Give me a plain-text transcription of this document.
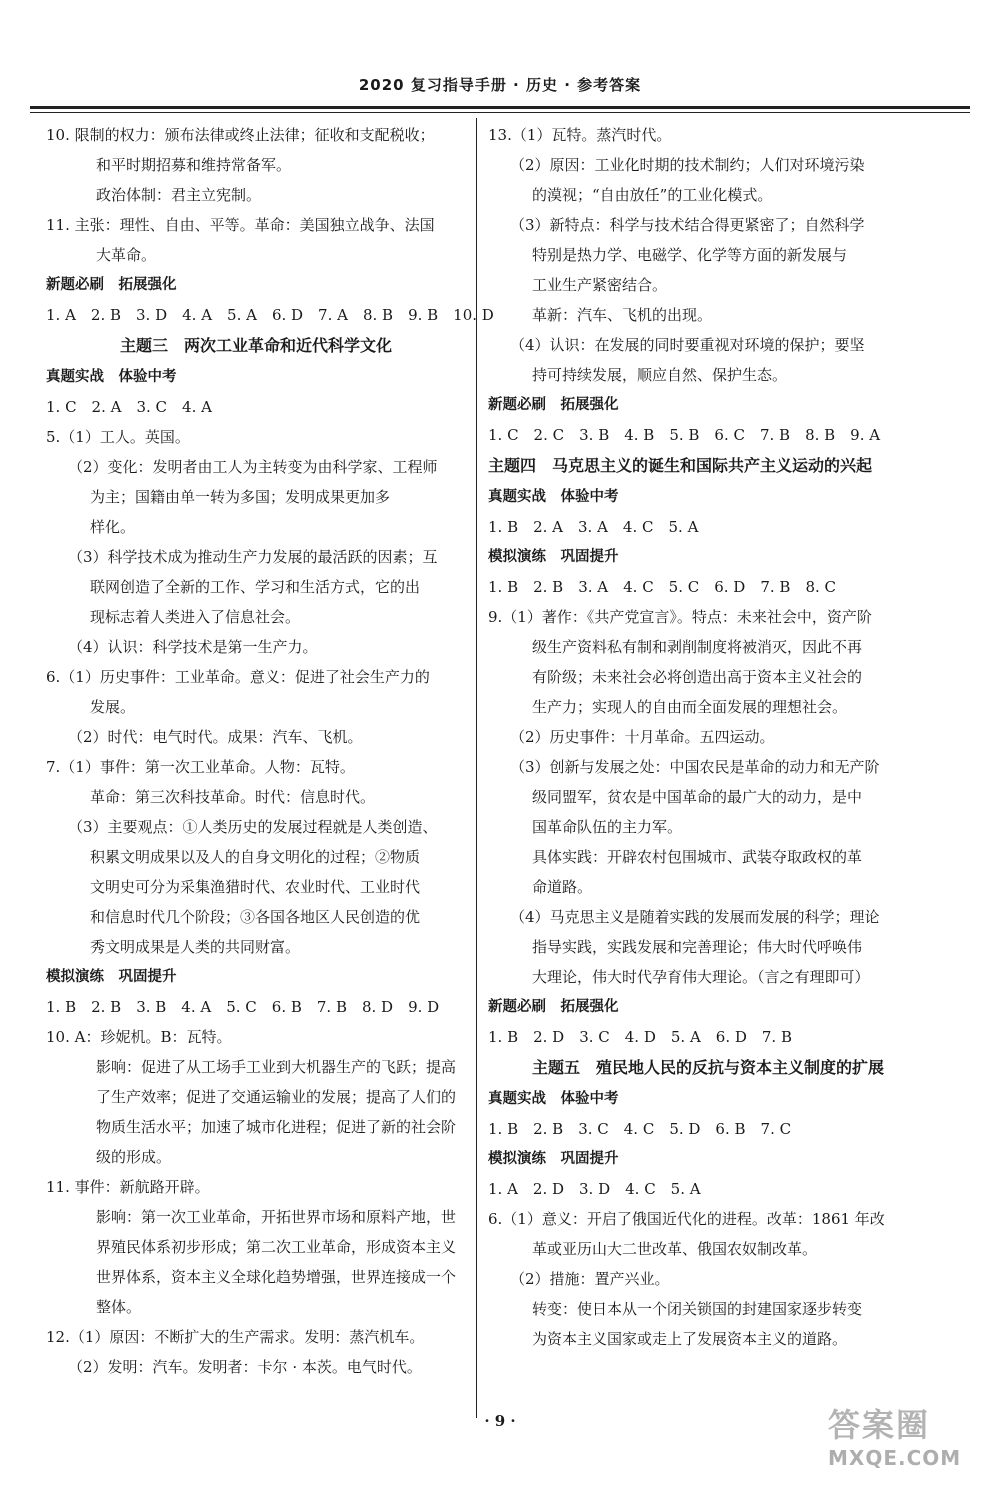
2020 复习指导手册 · 历史 · 参考答案
10. 限制的权力：颁布法律或终止法律；征收和支配税收；
和平时期招募和维持常备军。
政治体制：君主立宪制。
11. 主张：理性、自由、平等。革命：美国独立战争、法国
大革命。
新题必刷　拓展强化
1. A　2. B　3. D　4. A　5. A　6. D　7. A　8. B　9. B　10. D
主题三　两次工业革命和近代科学文化
真题实战　体验中考
1. C　2. A　3. C　4. A
5.（1）工人。英国。
（2）变化：发明者由工人为主转变为由科学家、工程师
为主；国籍由单一转为多国；发明成果更加多
样化。
（3）科学技术成为推动生产力发展的最活跃的因素；互
联网创造了全新的工作、学习和生活方式，它的出
现标志着人类进入了信息社会。
（4）认识：科学技术是第一生产力。
6.（1）历史事件：工业革命。意义：促进了社会生产力的
发展。
（2）时代：电气时代。成果：汽车、飞机。
7.（1）事件：第一次工业革命。人物：瓦特。
革命：第三次科技革命。时代：信息时代。
（3）主要观点：①人类历史的发展过程就是人类创造、
积累文明成果以及人的自身文明化的过程；②物质
文明史可分为采集渔猎时代、农业时代、工业时代
和信息时代几个阶段；③各国各地区人民创造的优
秀文明成果是人类的共同财富。
模拟演练　巩固提升
1. B　2. B　3. B　4. A　5. C　6. B　7. B　8. D　9. D
10. A：珍妮机。B：瓦特。
影响：促进了从工场手工业到大机器生产的飞跃；提高
了生产效率；促进了交通运输业的发展；提高了人们的
物质生活水平；加速了城市化进程；促进了新的社会阶
级的形成。
11. 事件：新航路开辟。
影响：第一次工业革命，开拓世界市场和原料产地，世
界殖民体系初步形成；第二次工业革命，形成资本主义
世界体系，资本主义全球化趋势增强，世界连接成一个
整体。
12.（1）原因：不断扩大的生产需求。发明：蒸汽机车。
（2）发明：汽车。发明者：卡尔 · 本茨。电气时代。
13.（1）瓦特。蒸汽时代。
（2）原因：工业化时期的技术制约；人们对环境污染
的漠视；“自由放任”的工业化模式。
（3）新特点：科学与技术结合得更紧密了；自然科学
特别是热力学、电磁学、化学等方面的新发展与
工业生产紧密结合。
革新：汽车、飞机的出现。
（4）认识：在发展的同时要重视对环境的保护；要坚
持可持续发展，顺应自然、保护生态。
新题必刷　拓展强化
1. C　2. C　3. B　4. B　5. B　6. C　7. B　8. B　9. A
主题四　马克思主义的诞生和国际共产主义运动的兴起
真题实战　体验中考
1. B　2. A　3. A　4. C　5. A
模拟演练　巩固提升
1. B　2. B　3. A　4. C　5. C　6. D　7. B　8. C
9.（1）著作：《共产党宣言》。特点：未来社会中，资产阶
级生产资料私有制和剥削制度将被消灭，因此不再
有阶级；未来社会必将创造出高于资本主义社会的
生产力；实现人的自由而全面发展的理想社会。
（2）历史事件：十月革命。五四运动。
（3）创新与发展之处：中国农民是革命的动力和无产阶
级同盟军，贫农是中国革命的最广大的动力，是中
国革命队伍的主力军。
具体实践：开辟农村包围城市、武装夺取政权的革
命道路。
（4）马克思主义是随着实践的发展而发展的科学；理论
指导实践，实践发展和完善理论；伟大时代呼唤伟
大理论，伟大时代孕育伟大理论。（言之有理即可）
新题必刷　拓展强化
1. B　2. D　3. C　4. D　5. A　6. D　7. B
主题五　殖民地人民的反抗与资本主义制度的扩展
真题实战　体验中考
1. B　2. B　3. C　4. C　5. D　6. B　7. C
模拟演练　巩固提升
1. A　2. D　3. D　4. C　5. A
6.（1）意义：开启了俄国近代化的进程。改革：1861 年改
革或亚历山大二世改革、俄国农奴制改革。
（2）措施：置产兴业。
转变：使日本从一个闭关锁国的封建国家逐步转变
为资本主义国家或走上了发展资本主义的道路。
· 9 ·	答案圈
MXQE.COM
